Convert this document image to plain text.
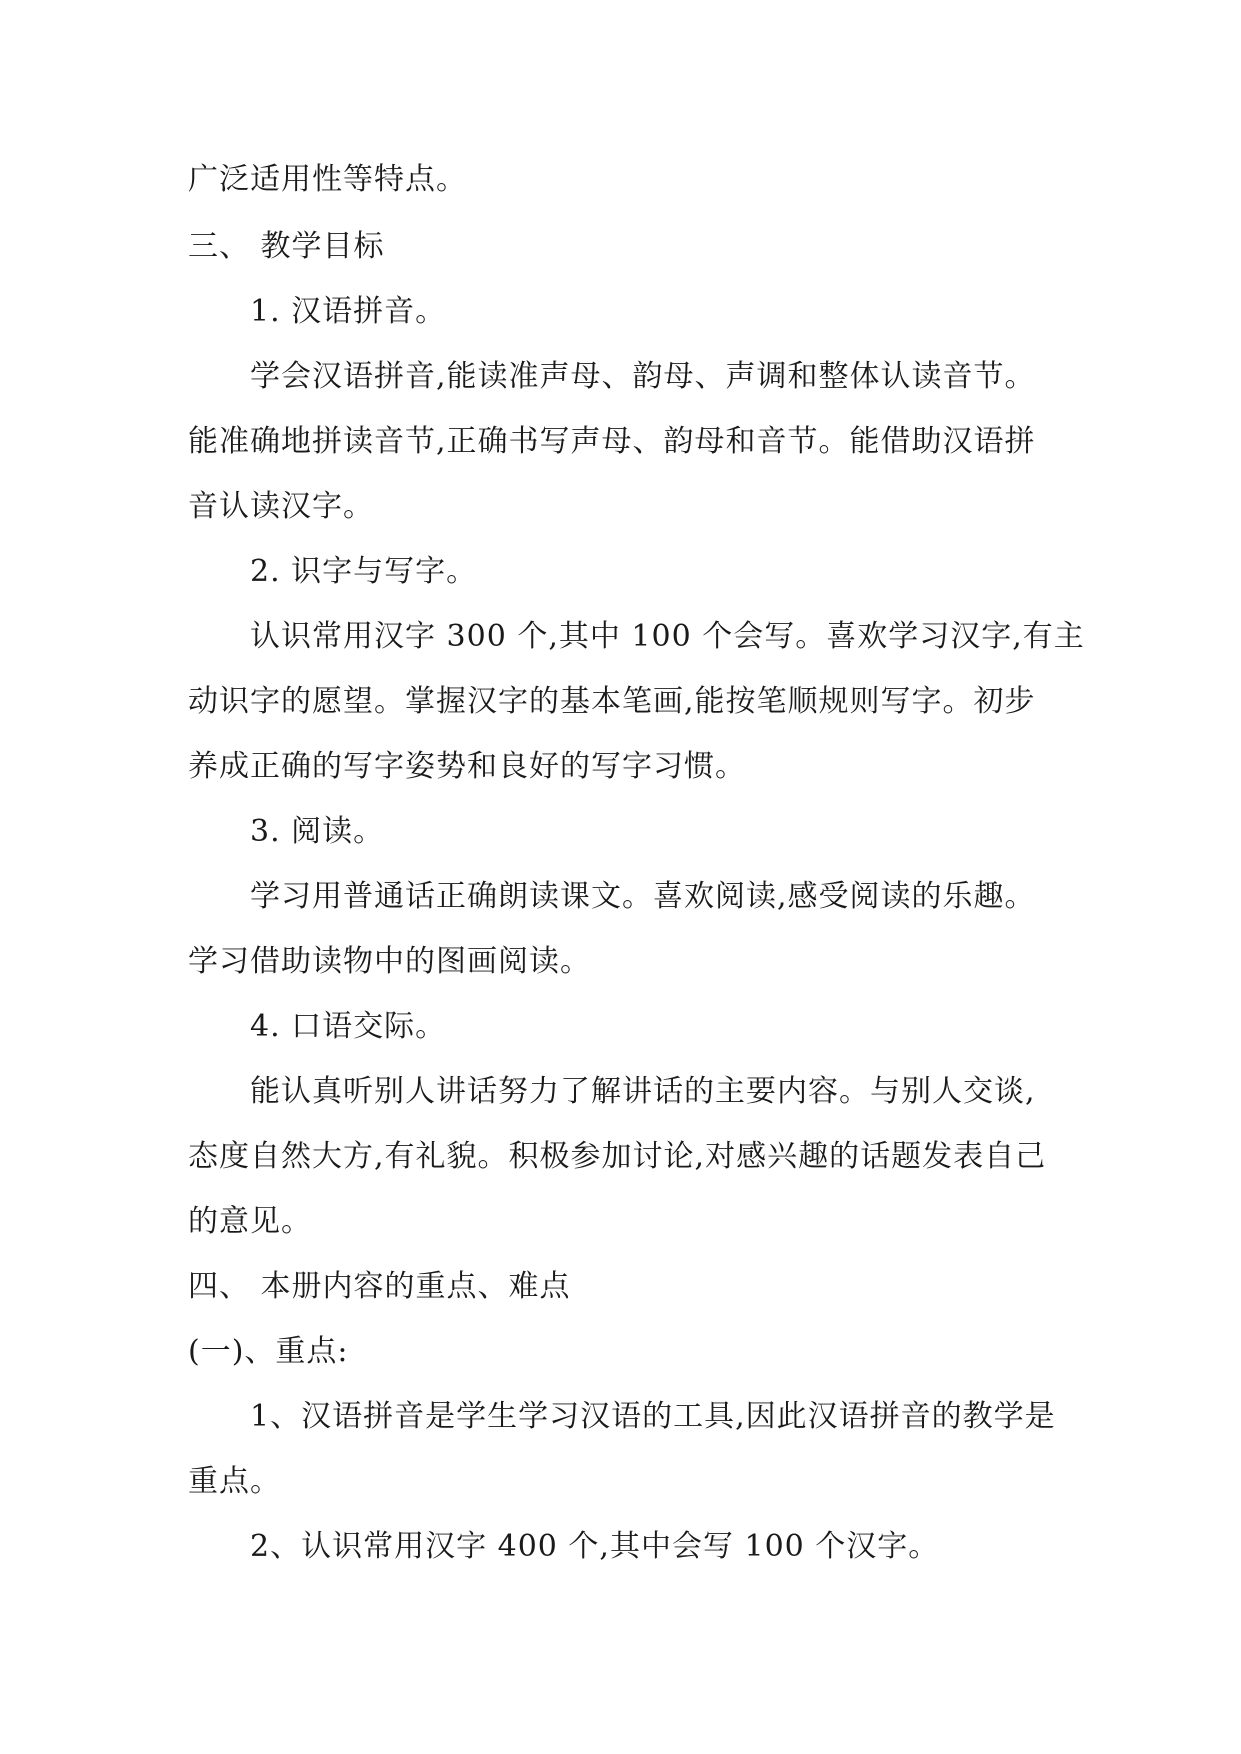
广泛适用性等特点。
三、 教学目标
1. 汉语拼音。
学会汉语拼音,能读准声母、韵母、声调和整体认读音节。
能准确地拼读音节,正确书写声母、韵母和音节。能借助汉语拼
音认读汉字。
2. 识字与写字。
认识常用汉字 300 个,其中 100 个会写。喜欢学习汉字,有主
动识字的愿望。掌握汉字的基本笔画,能按笔顺规则写字。初步
养成正确的写字姿势和良好的写字习惯。
3. 阅读。
学习用普通话正确朗读课文。喜欢阅读,感受阅读的乐趣。
学习借助读物中的图画阅读。
4. 口语交际。
能认真听别人讲话努力了解讲话的主要内容。与别人交谈,
态度自然大方,有礼貌。积极参加讨论,对感兴趣的话题发表自己
的意见。
四、 本册内容的重点、难点
(一)、重点:
1、汉语拼音是学生学习汉语的工具,因此汉语拼音的教学是
重点。
2、认识常用汉字 400 个,其中会写 100 个汉字。
